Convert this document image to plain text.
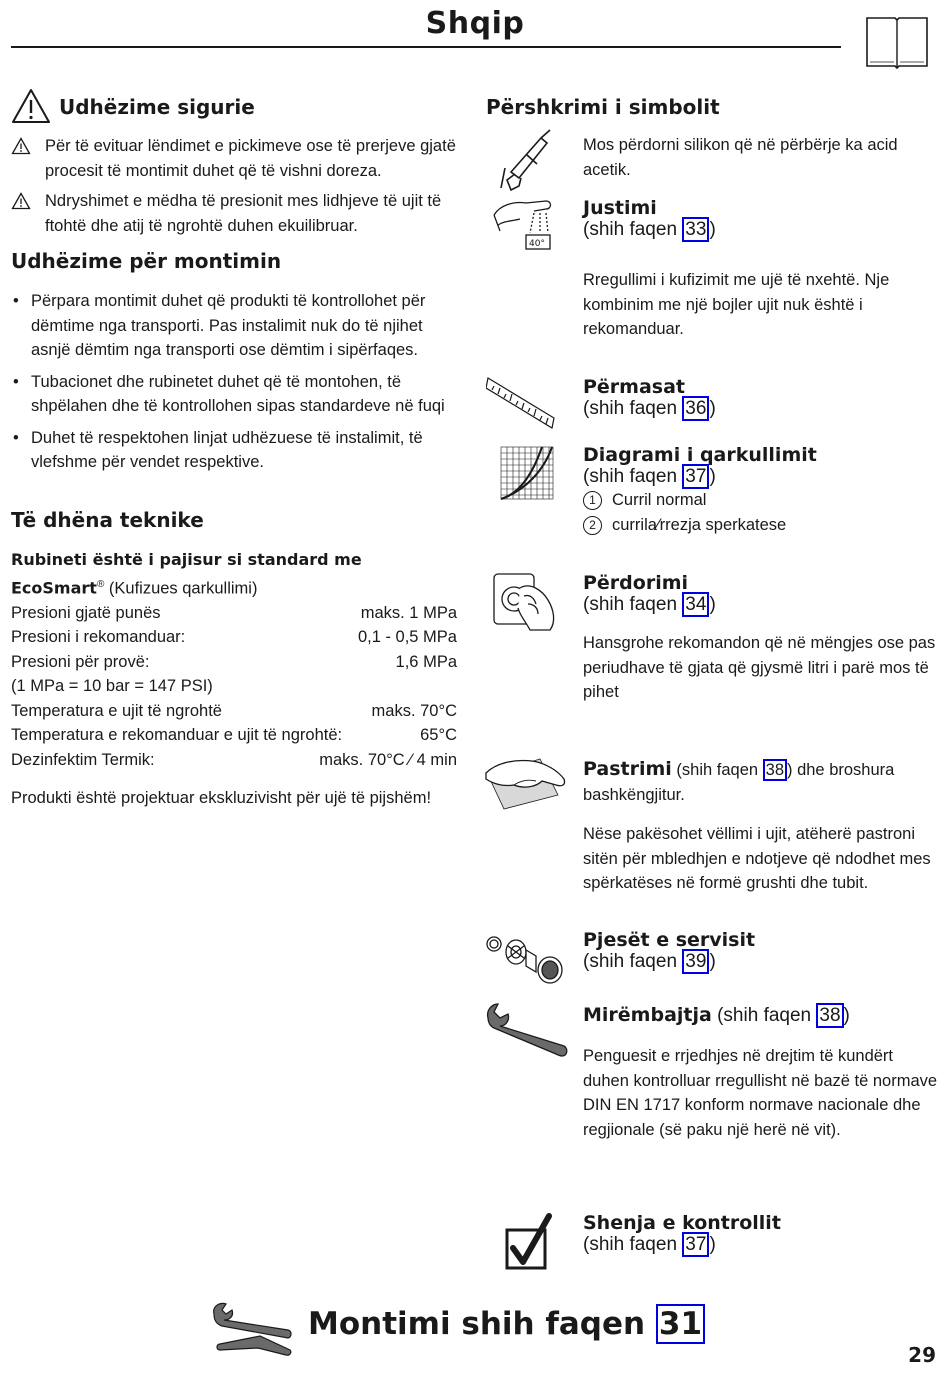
Shqip
Udhëzime sigurie
Për të evituar lëndimet e pickimeve ose të prerjeve gjatë procesit të montimit duhet që të vishni doreza.
Ndryshimet e mëdha të presionit mes lidhjeve të ujit të ftohtë dhe atij të ngrohtë duhen ekuilibruar.
Udhëzime për montimin
• Përpara montimit duhet që produkti të kontrollohet për dëmtime nga transporti. Pas instalimit nuk do të njihet asnjë dëmtim nga transporti ose dëmtim i sipërfaqes.
• Tubacionet dhe rubinetet duhet që të montohen, të shpëlahen dhe të kontrollohen sipas standardeve në fuqi
• Duhet të respektohen linjat udhëzuese të instalimit, të vlefshme për vendet respektive.
Të dhëna teknike
Rubineti është i pajisur si standard me
EcoSmart® (Kufizues qarkullimi)
Presioni gjatë punës	maks. 1 MPa
Presioni i rekomanduar:	0,1 - 0,5 MPa
Presioni për provë:	1,6 MPa
(1 MPa = 10 bar = 147 PSI)
Temperatura e ujit të ngrohtë	maks. 70°C
Temperatura e rekomanduar e ujit të ngrohtë:	65°C
Dezinfektim Termik:	maks. 70°C ⁄ 4 min
Produkti është projektuar ekskluzivisht për ujë të pijshëm!
Përshkrimi i simbolit
Mos përdorni silikon që në përbërje ka acid acetik.
40°
Justimi
(shih faqen 33 )
Rregullimi i kufizimit me ujë të nxehtë. Nje kombinim me një bojler ujit nuk është i rekomanduar.
Përmasat
(shih faqen 36 )
Diagrami i qarkullimit
(shih faqen 37 )
1 Curril normal
2 currila⁄rrezja sperkatese
Përdorimi
(shih faqen 34 )
Hansgrohe rekomandon që në mëngjes ose pas periudhave të gjata që gjysmë litri i parë mos të pihet
Pastrimi (shih faqen 38 ) dhe broshura bashkëngjitur.
Nëse pakësohet vëllimi i ujit, atëherë pastroni sitën për mbledhjen e ndotjeve që ndodhet mes spërkatëses në formë grushti dhe tubit.
Pjesët e servisit
(shih faqen 39 )
Mirëmbajtja (shih faqen 38 )
Penguesit e rrjedhjes në drejtim të kundërt duhen kontrolluar rregullisht në bazë të normave DIN EN 1717 konform normave nacionale dhe regjionale (së paku një herë në vit).
Shenja e kontrollit
(shih faqen 37 )
Montimi shih faqen 31
29
